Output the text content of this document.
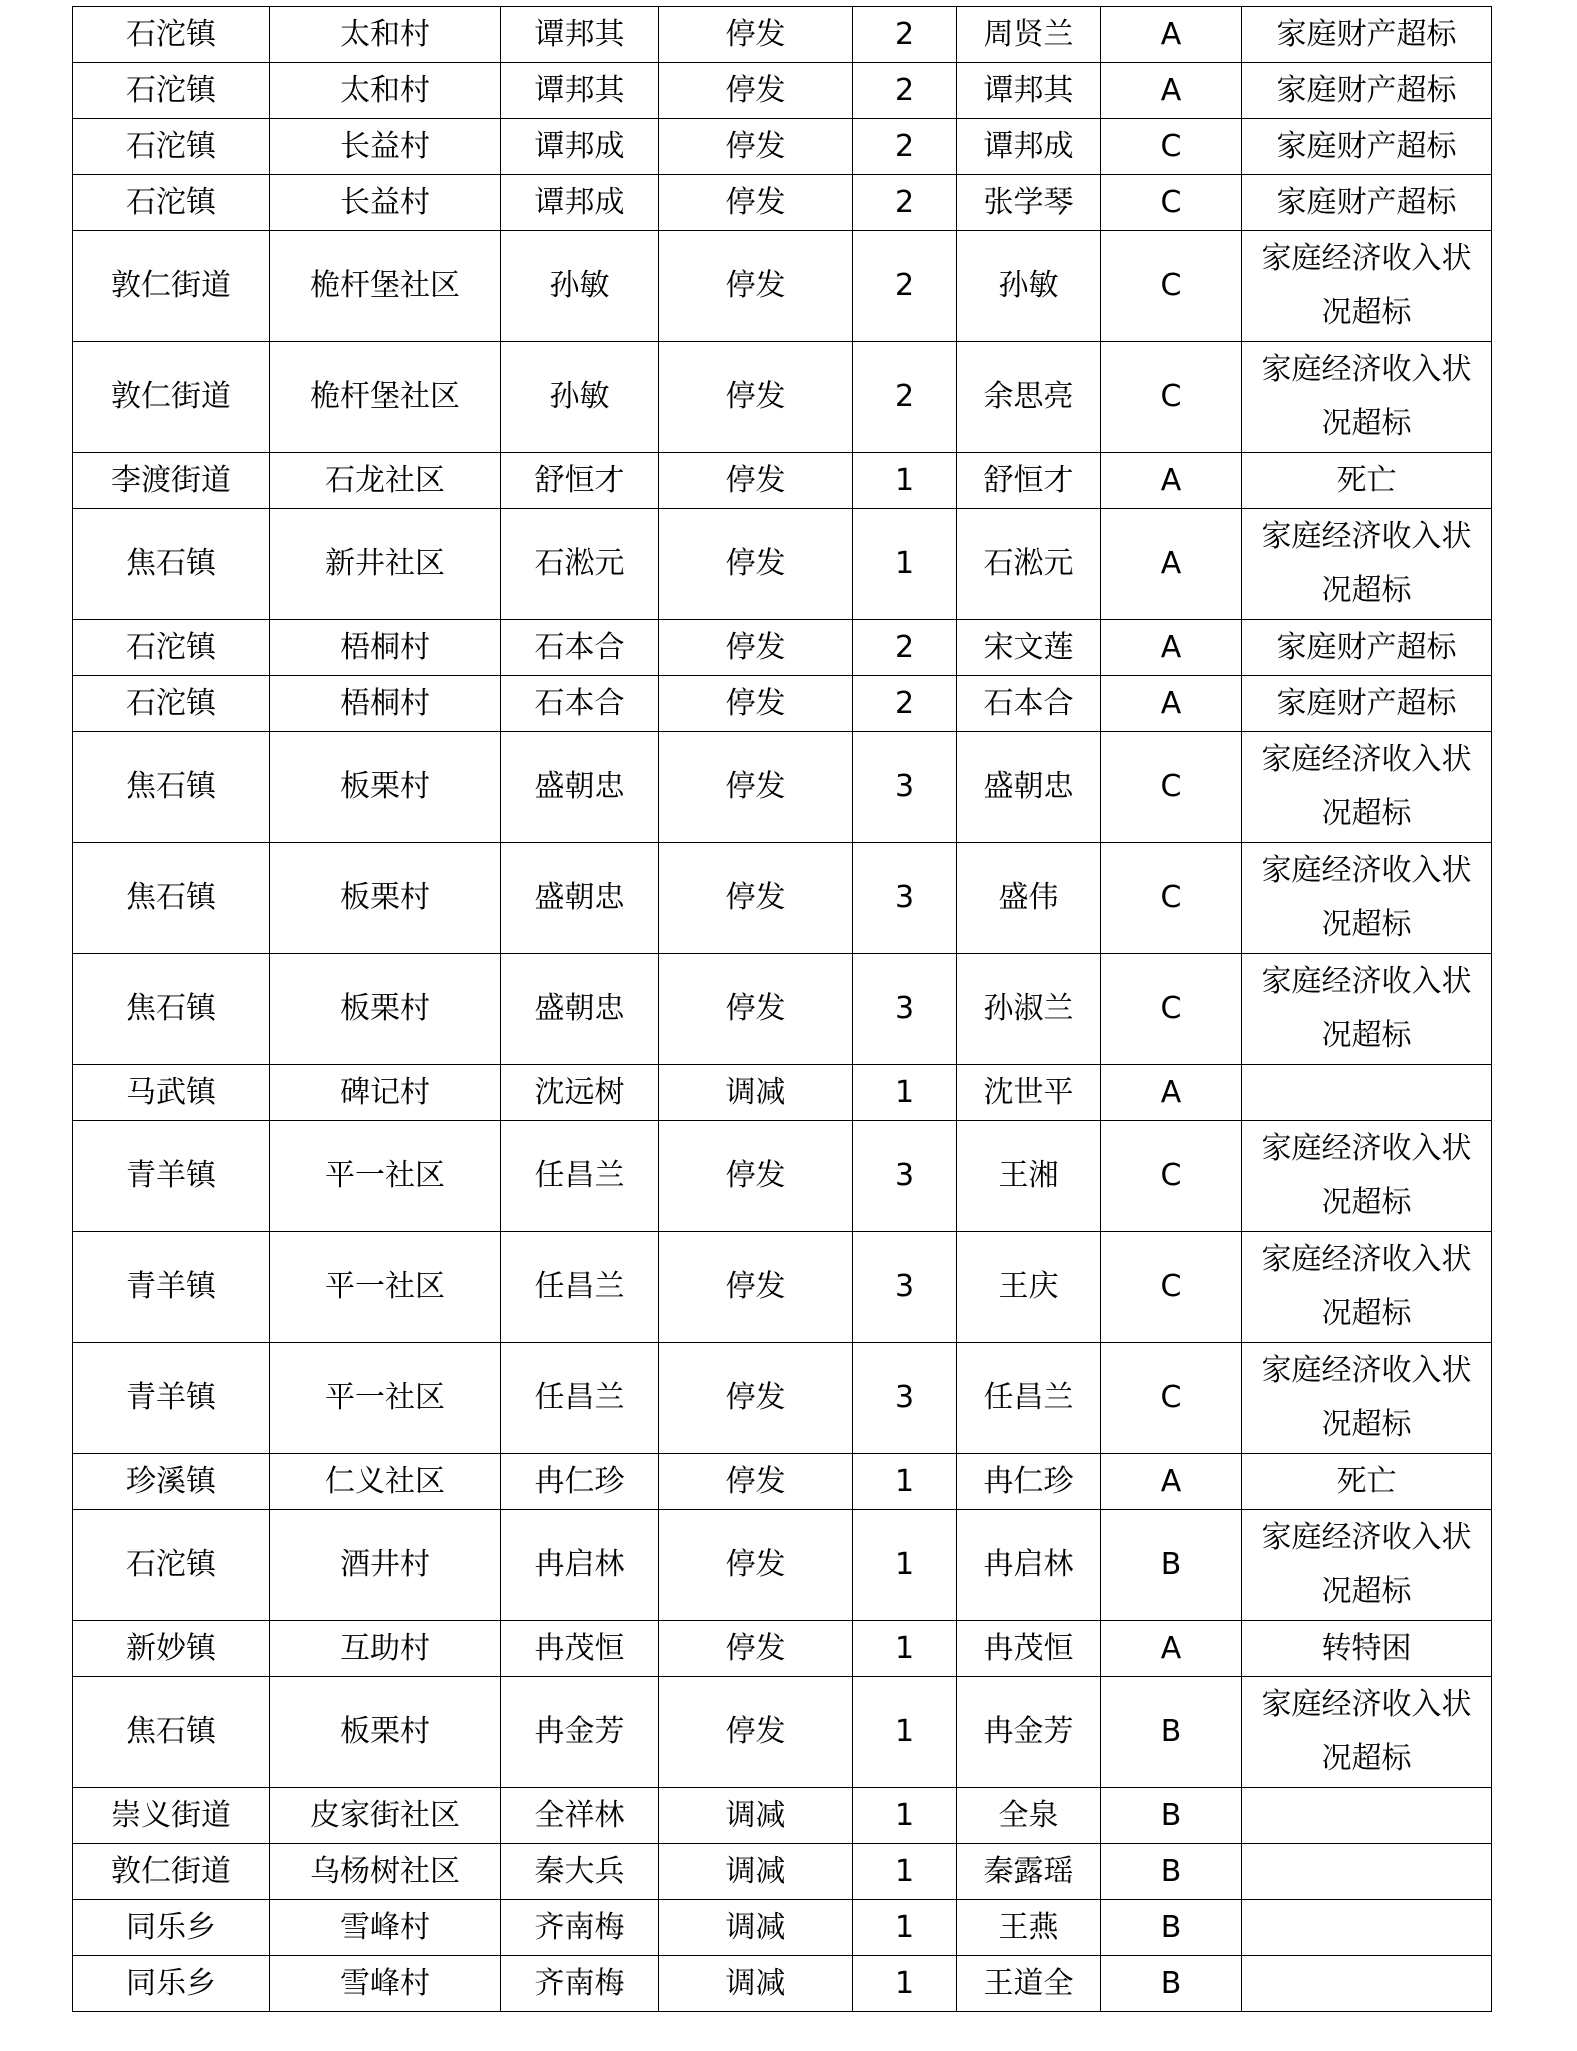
石沱镇	太和村	谭邦其	停发	2	周贤兰	A	家庭财产超标
石沱镇	太和村	谭邦其	停发	2	谭邦其	A	家庭财产超标
石沱镇	长益村	谭邦成	停发	2	谭邦成	C	家庭财产超标
石沱镇	长益村	谭邦成	停发	2	张学琴	C	家庭财产超标
敦仁街道	桅杆堡社区	孙敏	停发	2	孙敏	C	家庭经济收入状况超标
敦仁街道	桅杆堡社区	孙敏	停发	2	余思亮	C	家庭经济收入状况超标
李渡街道	石龙社区	舒恒才	停发	1	舒恒才	A	死亡
焦石镇	新井社区	石淞元	停发	1	石淞元	A	家庭经济收入状况超标
石沱镇	梧桐村	石本合	停发	2	宋文莲	A	家庭财产超标
石沱镇	梧桐村	石本合	停发	2	石本合	A	家庭财产超标
焦石镇	板栗村	盛朝忠	停发	3	盛朝忠	C	家庭经济收入状况超标
焦石镇	板栗村	盛朝忠	停发	3	盛伟	C	家庭经济收入状况超标
焦石镇	板栗村	盛朝忠	停发	3	孙淑兰	C	家庭经济收入状况超标
马武镇	碑记村	沈远树	调减	1	沈世平	A	
青羊镇	平一社区	任昌兰	停发	3	王湘	C	家庭经济收入状况超标
青羊镇	平一社区	任昌兰	停发	3	王庆	C	家庭经济收入状况超标
青羊镇	平一社区	任昌兰	停发	3	任昌兰	C	家庭经济收入状况超标
珍溪镇	仁义社区	冉仁珍	停发	1	冉仁珍	A	死亡
石沱镇	酒井村	冉启林	停发	1	冉启林	B	家庭经济收入状况超标
新妙镇	互助村	冉茂恒	停发	1	冉茂恒	A	转特困
焦石镇	板栗村	冉金芳	停发	1	冉金芳	B	家庭经济收入状况超标
崇义街道	皮家街社区	全祥林	调减	1	全泉	B	
敦仁街道	乌杨树社区	秦大兵	调减	1	秦露瑶	B	
同乐乡	雪峰村	齐南梅	调减	1	王燕	B	
同乐乡	雪峰村	齐南梅	调减	1	王道全	B	
